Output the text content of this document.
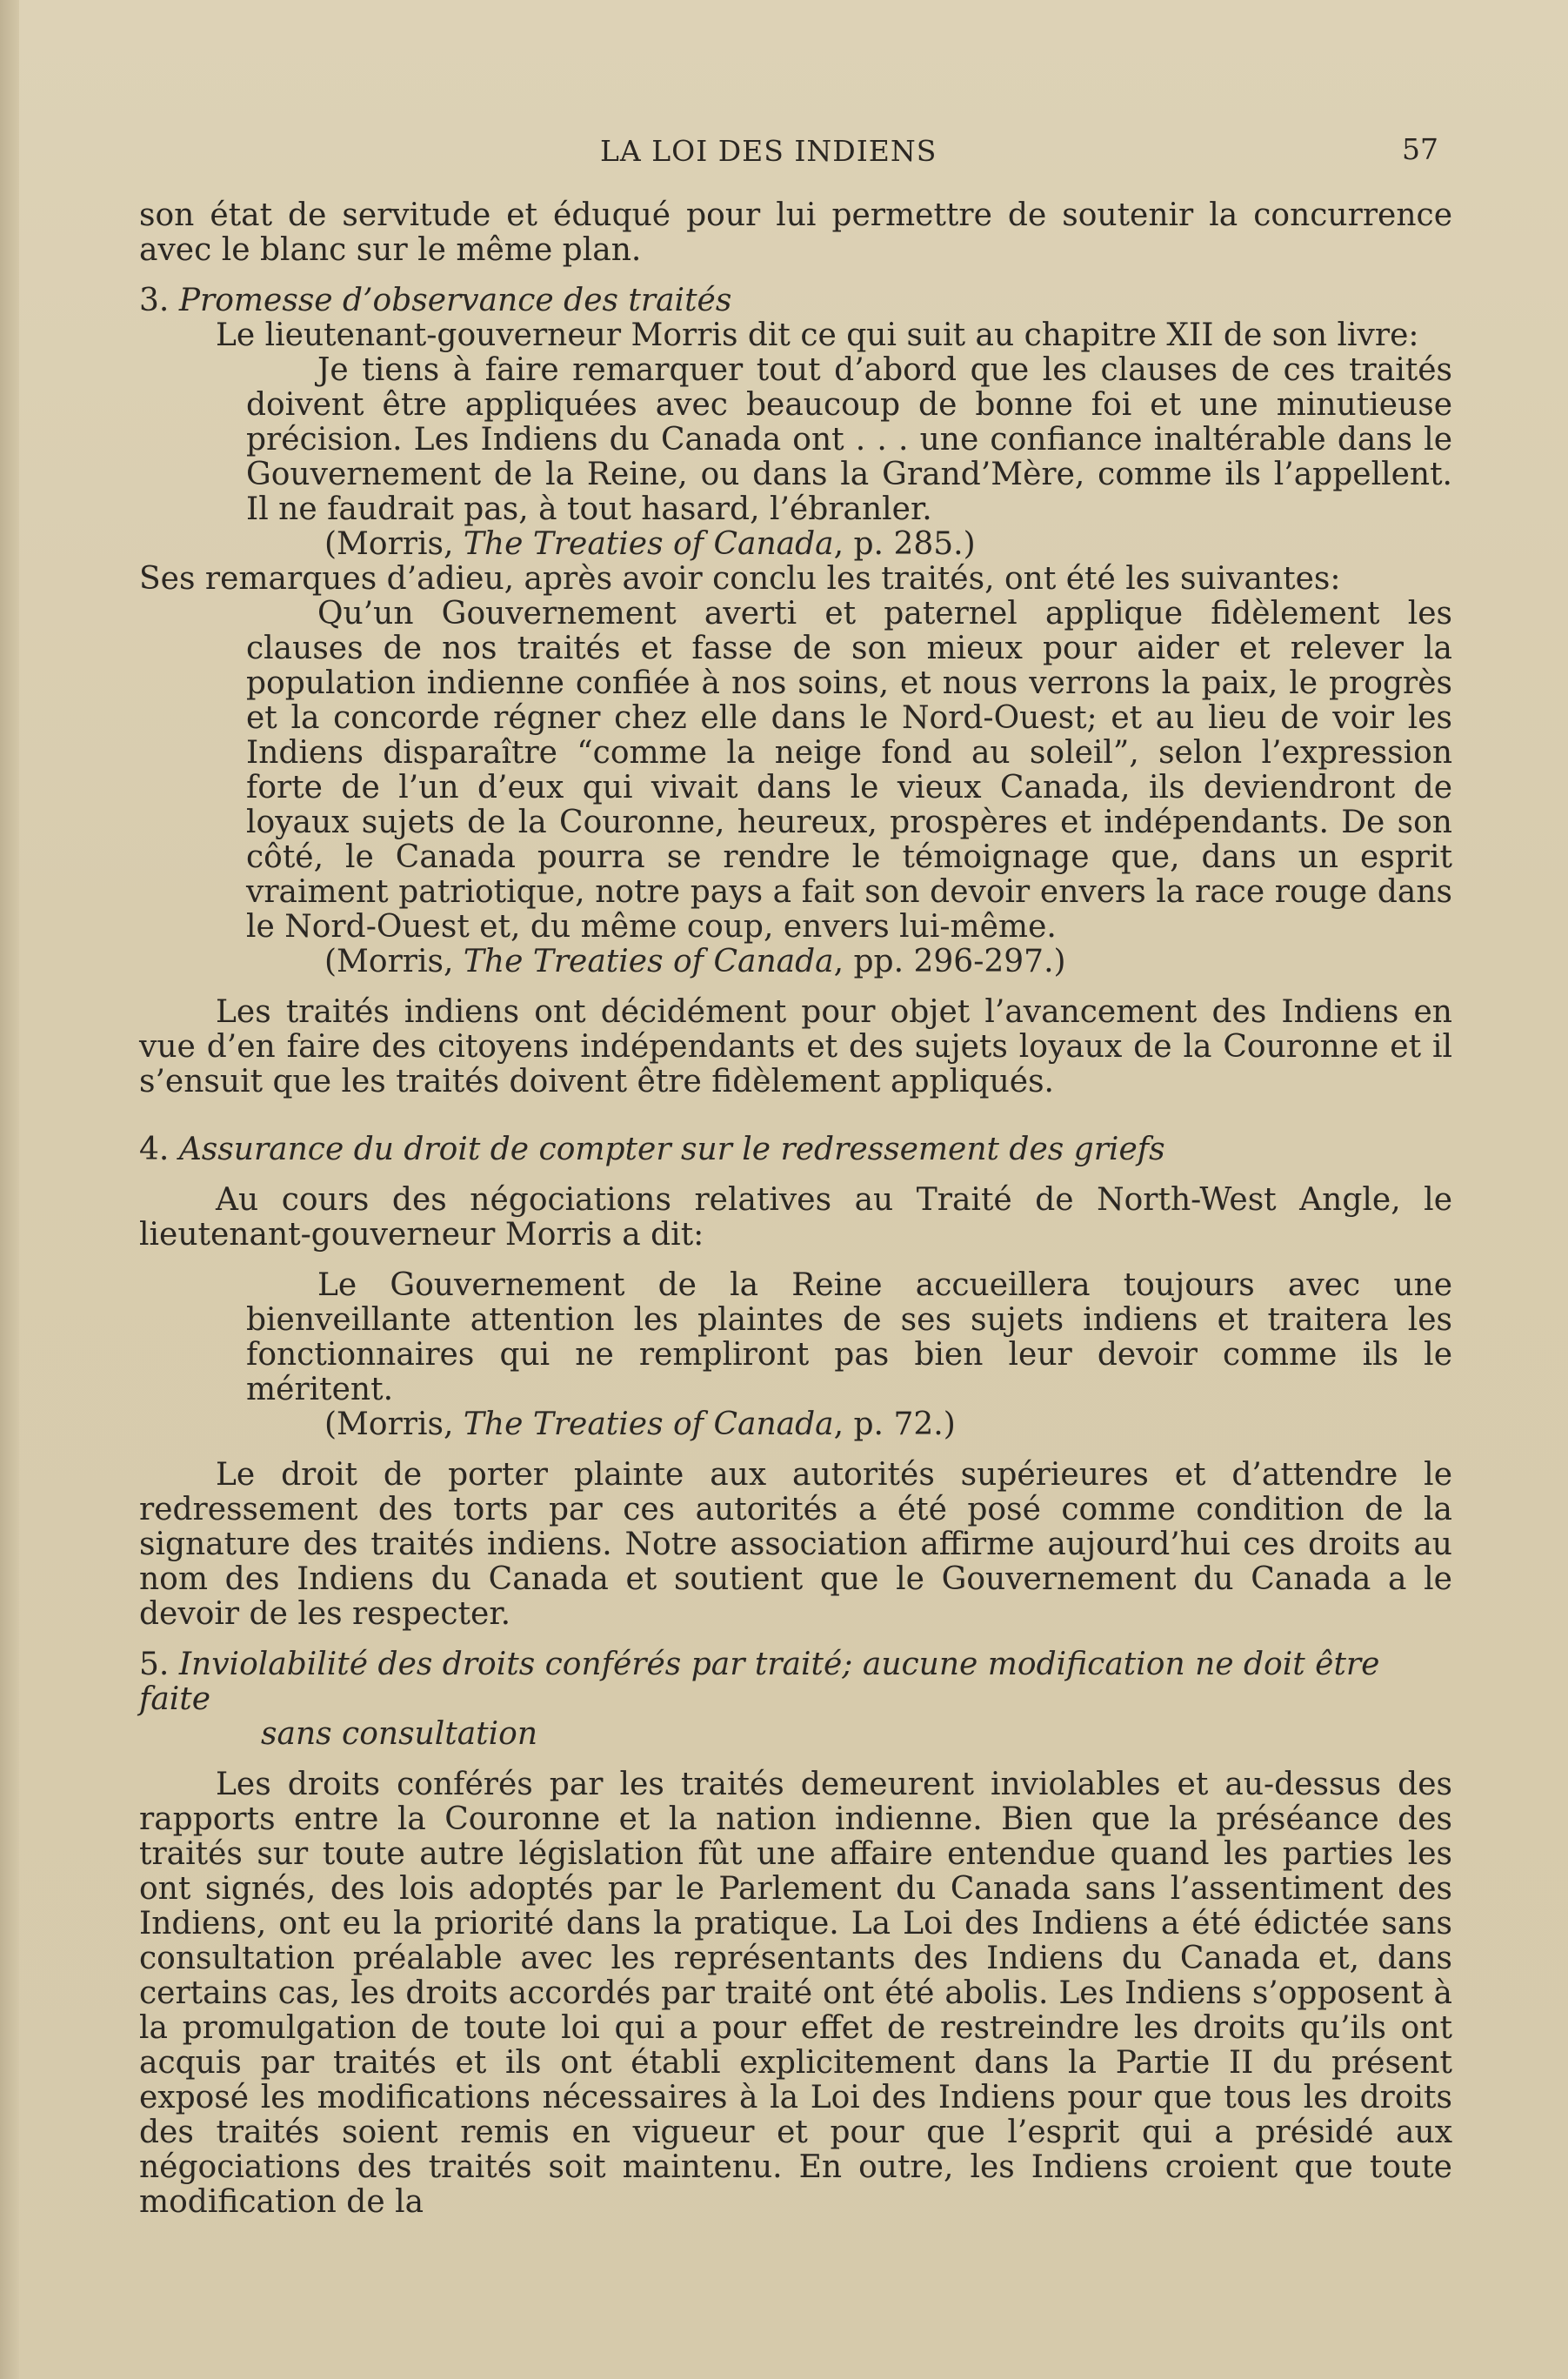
LA LOI DES INDIENS	57

son état de servitude et éduqué pour lui permettre de soutenir la concurrence avec le blanc sur le même plan.

3. Promesse d’observance des traités

Le lieutenant-gouverneur Morris dit ce qui suit au chapitre XII de son livre:

Je tiens à faire remarquer tout d’abord que les clauses de ces traités doivent être appliquées avec beaucoup de bonne foi et une minutieuse précision. Les Indiens du Canada ont . . . une confiance inaltérable dans le Gouvernement de la Reine, ou dans la Grand’Mère, comme ils l’appellent. Il ne faudrait pas, à tout hasard, l’ébranler.

(Morris, The Treaties of Canada, p. 285.)

Ses remarques d’adieu, après avoir conclu les traités, ont été les suivantes:

Qu’un Gouvernement averti et paternel applique fidèlement les clauses de nos traités et fasse de son mieux pour aider et relever la population indienne confiée à nos soins, et nous verrons la paix, le progrès et la concorde régner chez elle dans le Nord-Ouest; et au lieu de voir les Indiens disparaître “comme la neige fond au soleil”, selon l’expression forte de l’un d’eux qui vivait dans le vieux Canada, ils deviendront de loyaux sujets de la Couronne, heureux, prospères et indépendants. De son côté, le Canada pourra se rendre le témoignage que, dans un esprit vraiment patriotique, notre pays a fait son devoir envers la race rouge dans le Nord-Ouest et, du même coup, envers lui-même.

(Morris, The Treaties of Canada, pp. 296-297.)

Les traités indiens ont décidément pour objet l’avancement des Indiens en vue d’en faire des citoyens indépendants et des sujets loyaux de la Couronne et il s’ensuit que les traités doivent être fidèlement appliqués.

4. Assurance du droit de compter sur le redressement des griefs

Au cours des négociations relatives au Traité de North-West Angle, le lieutenant-gouverneur Morris a dit:

Le Gouvernement de la Reine accueillera toujours avec une bienveillante attention les plaintes de ses sujets indiens et traitera les fonctionnaires qui ne rempliront pas bien leur devoir comme ils le méritent.

(Morris, The Treaties of Canada, p. 72.)

Le droit de porter plainte aux autorités supérieures et d’attendre le redressement des torts par ces autorités a été posé comme condition de la signature des traités indiens. Notre association affirme aujourd’hui ces droits au nom des Indiens du Canada et soutient que le Gouvernement du Canada a le devoir de les respecter.

5. Inviolabilité des droits conférés par traité; aucune modification ne doit être faite
sans consultation

Les droits conférés par les traités demeurent inviolables et au-dessus des rapports entre la Couronne et la nation indienne. Bien que la préséance des traités sur toute autre législation fût une affaire entendue quand les parties les ont signés, des lois adoptés par le Parlement du Canada sans l’assentiment des Indiens, ont eu la priorité dans la pratique. La Loi des Indiens a été édictée sans consultation préalable avec les représentants des Indiens du Canada et, dans certains cas, les droits accordés par traité ont été abolis. Les Indiens s’opposent à la promulgation de toute loi qui a pour effet de restreindre les droits qu’ils ont acquis par traités et ils ont établi explicitement dans la Partie II du présent exposé les modifications nécessaires à la Loi des Indiens pour que tous les droits des traités soient remis en vigueur et pour que l’esprit qui a présidé aux négociations des traités soit maintenu. En outre, les Indiens croient que toute modification de la
